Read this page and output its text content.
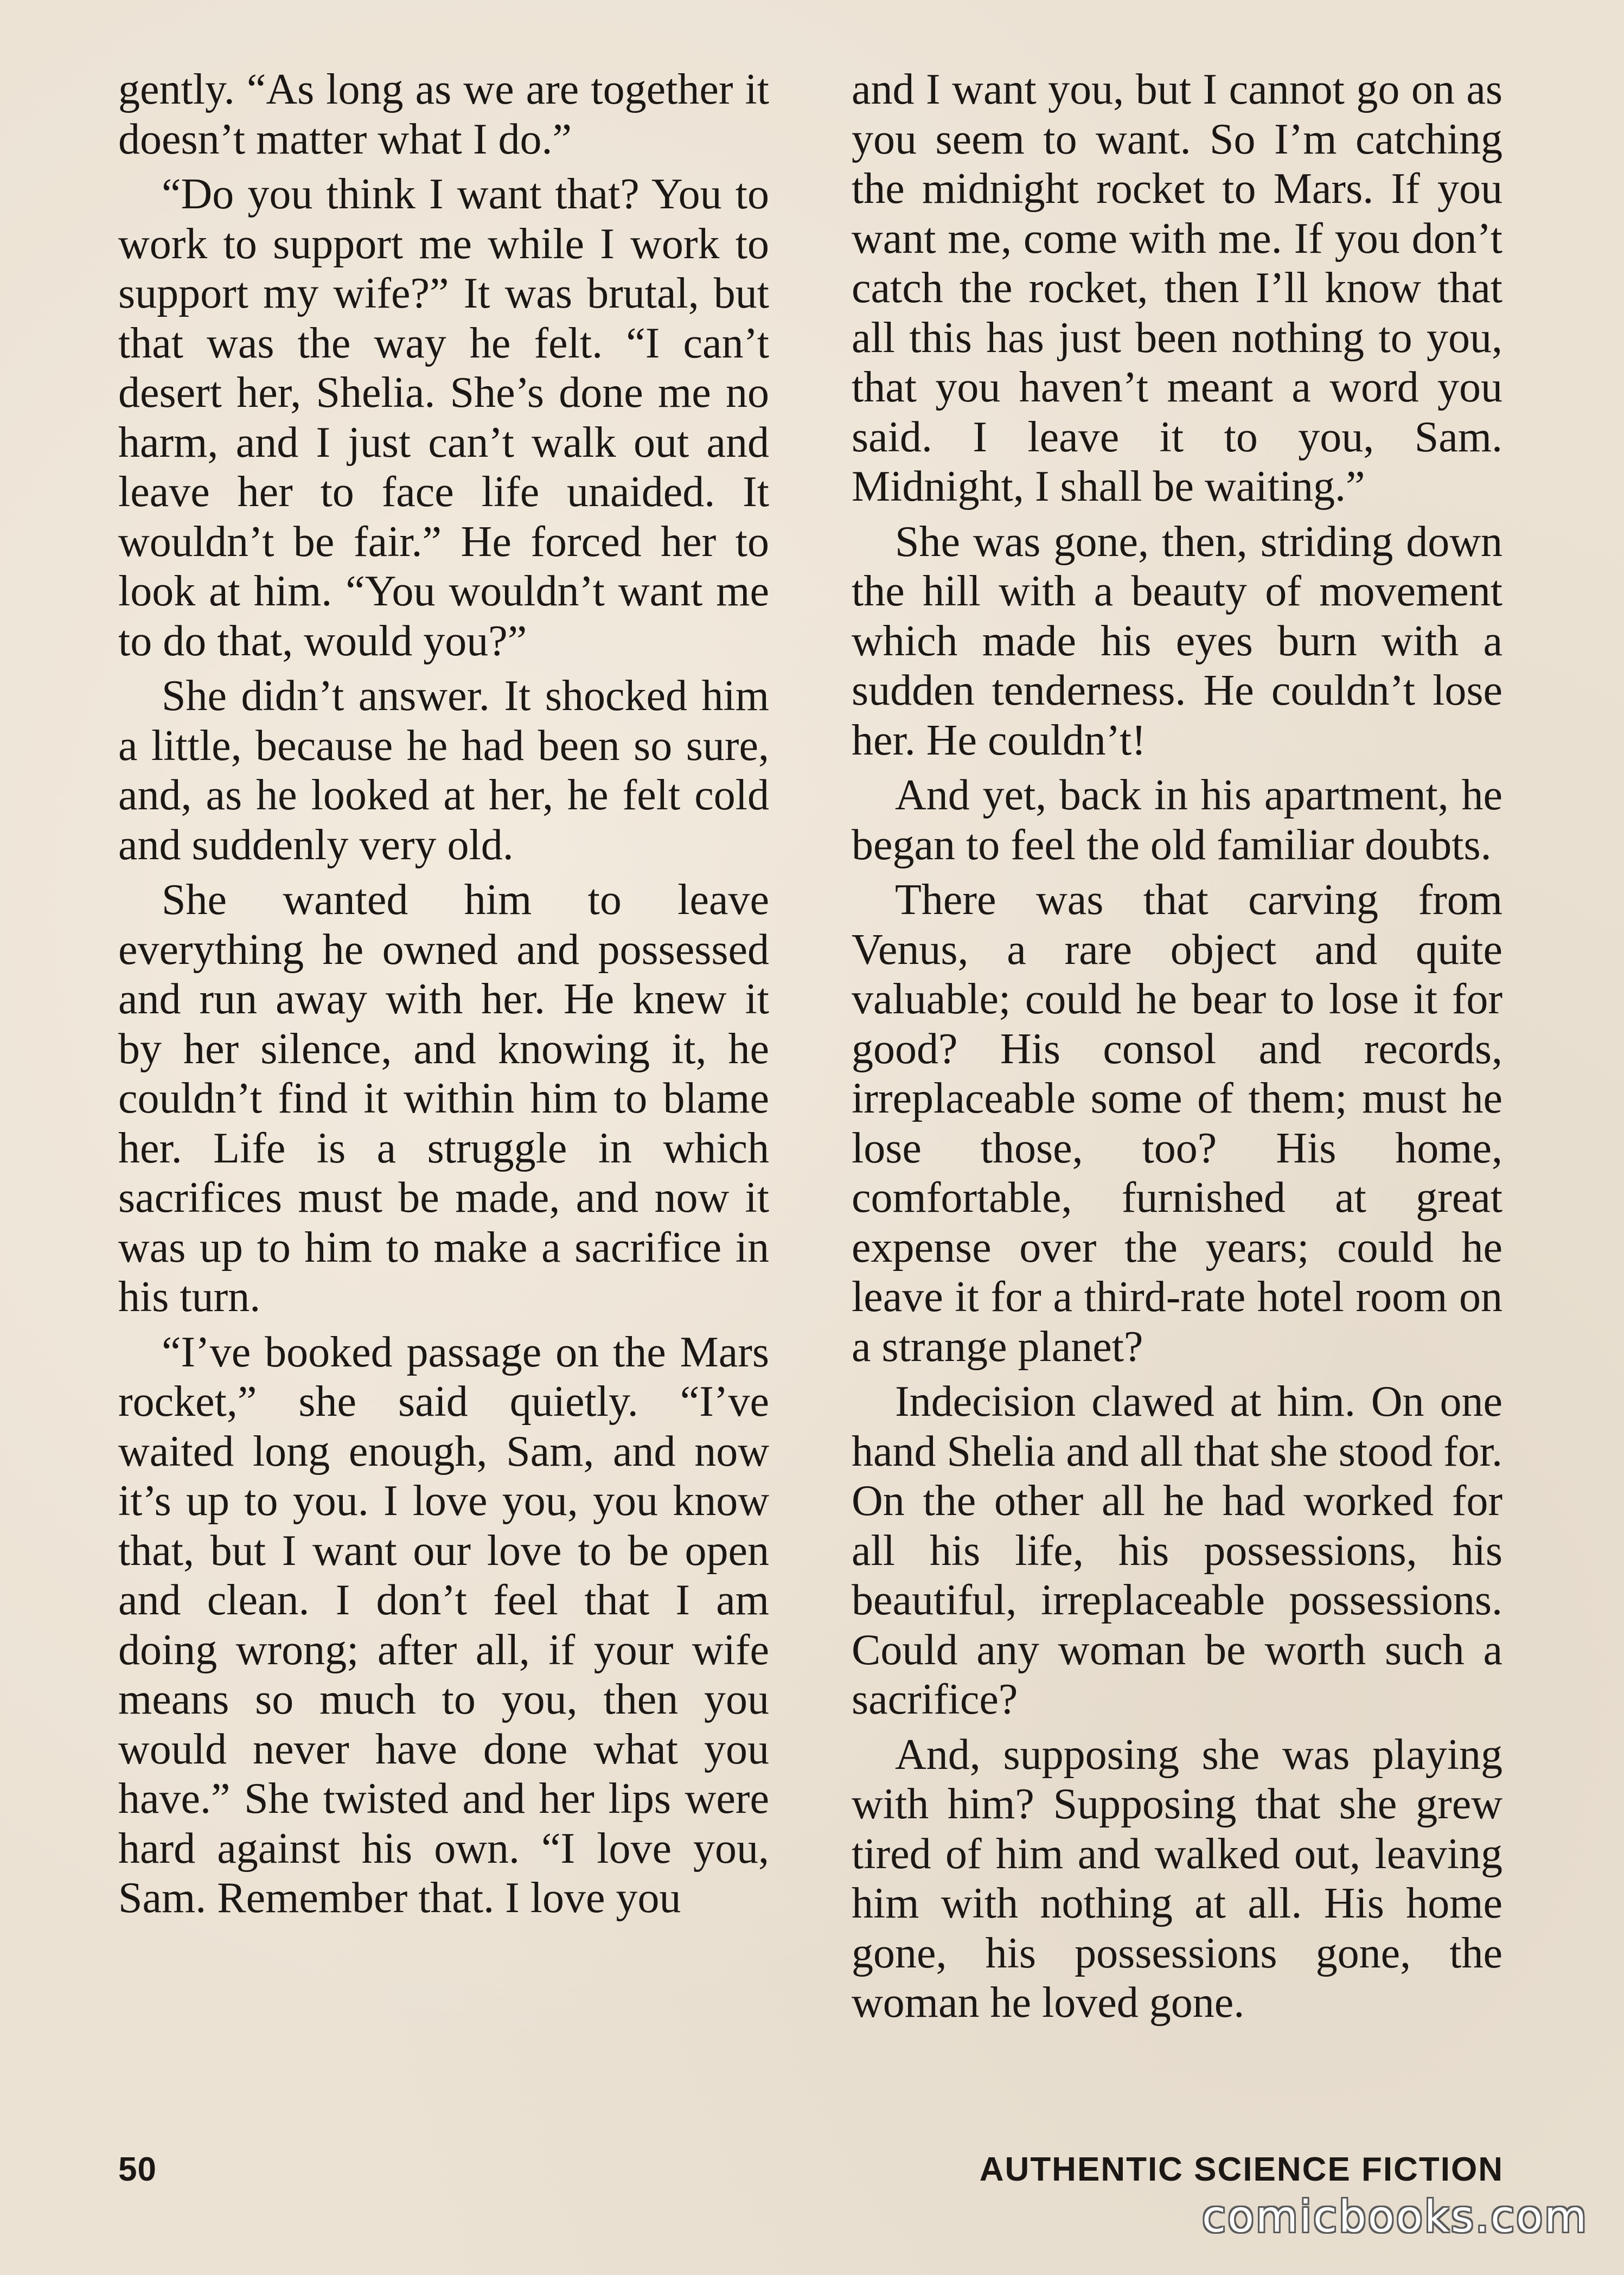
gently. “As long as we are together it doesn’t matter what I do.”

“Do you think I want that? You to work to support me while I work to support my wife?” It was brutal, but that was the way he felt. “I can’t desert her, Shelia. She’s done me no harm, and I just can’t walk out and leave her to face life unaided. It wouldn’t be fair.” He forced her to look at him. “You wouldn’t want me to do that, would you?”

She didn’t answer. It shocked him a little, because he had been so sure, and, as he looked at her, he felt cold and suddenly very old.

She wanted him to leave everything he owned and possessed and run away with her. He knew it by her silence, and knowing it, he couldn’t find it within him to blame her. Life is a struggle in which sacrifices must be made, and now it was up to him to make a sacrifice in his turn.

“I’ve booked passage on the Mars rocket,” she said quietly. “I’ve waited long enough, Sam, and now it’s up to you. I love you, you know that, but I want our love to be open and clean. I don’t feel that I am doing wrong; after all, if your wife means so much to you, then you would never have done what you have.” She twisted and her lips were hard against his own. “I love you, Sam. Remember that. I love you

and I want you, but I cannot go on as you seem to want. So I’m catching the midnight rocket to Mars. If you want me, come with me. If you don’t catch the rocket, then I’ll know that all this has just been nothing to you, that you haven’t meant a word you said. I leave it to you, Sam. Midnight, I shall be waiting.”

She was gone, then, striding down the hill with a beauty of movement which made his eyes burn with a sudden tenderness. He couldn’t lose her. He couldn’t!

And yet, back in his apartment, he began to feel the old familiar doubts.

There was that carving from Venus, a rare object and quite valuable; could he bear to lose it for good? His consol and records, irreplaceable some of them; must he lose those, too? His home, comfortable, furnished at great expense over the years; could he leave it for a third-rate hotel room on a strange planet?

Indecision clawed at him. On one hand Shelia and all that she stood for. On the other all he had worked for all his life, his possessions, his beautiful, irreplaceable possessions. Could any woman be worth such a sacrifice?

And, supposing she was playing with him? Supposing that she grew tired of him and walked out, leaving him with nothing at all. His home gone, his possessions gone, the woman he loved gone.

50	AUTHENTIC SCIENCE FICTION
comicbooks.com
